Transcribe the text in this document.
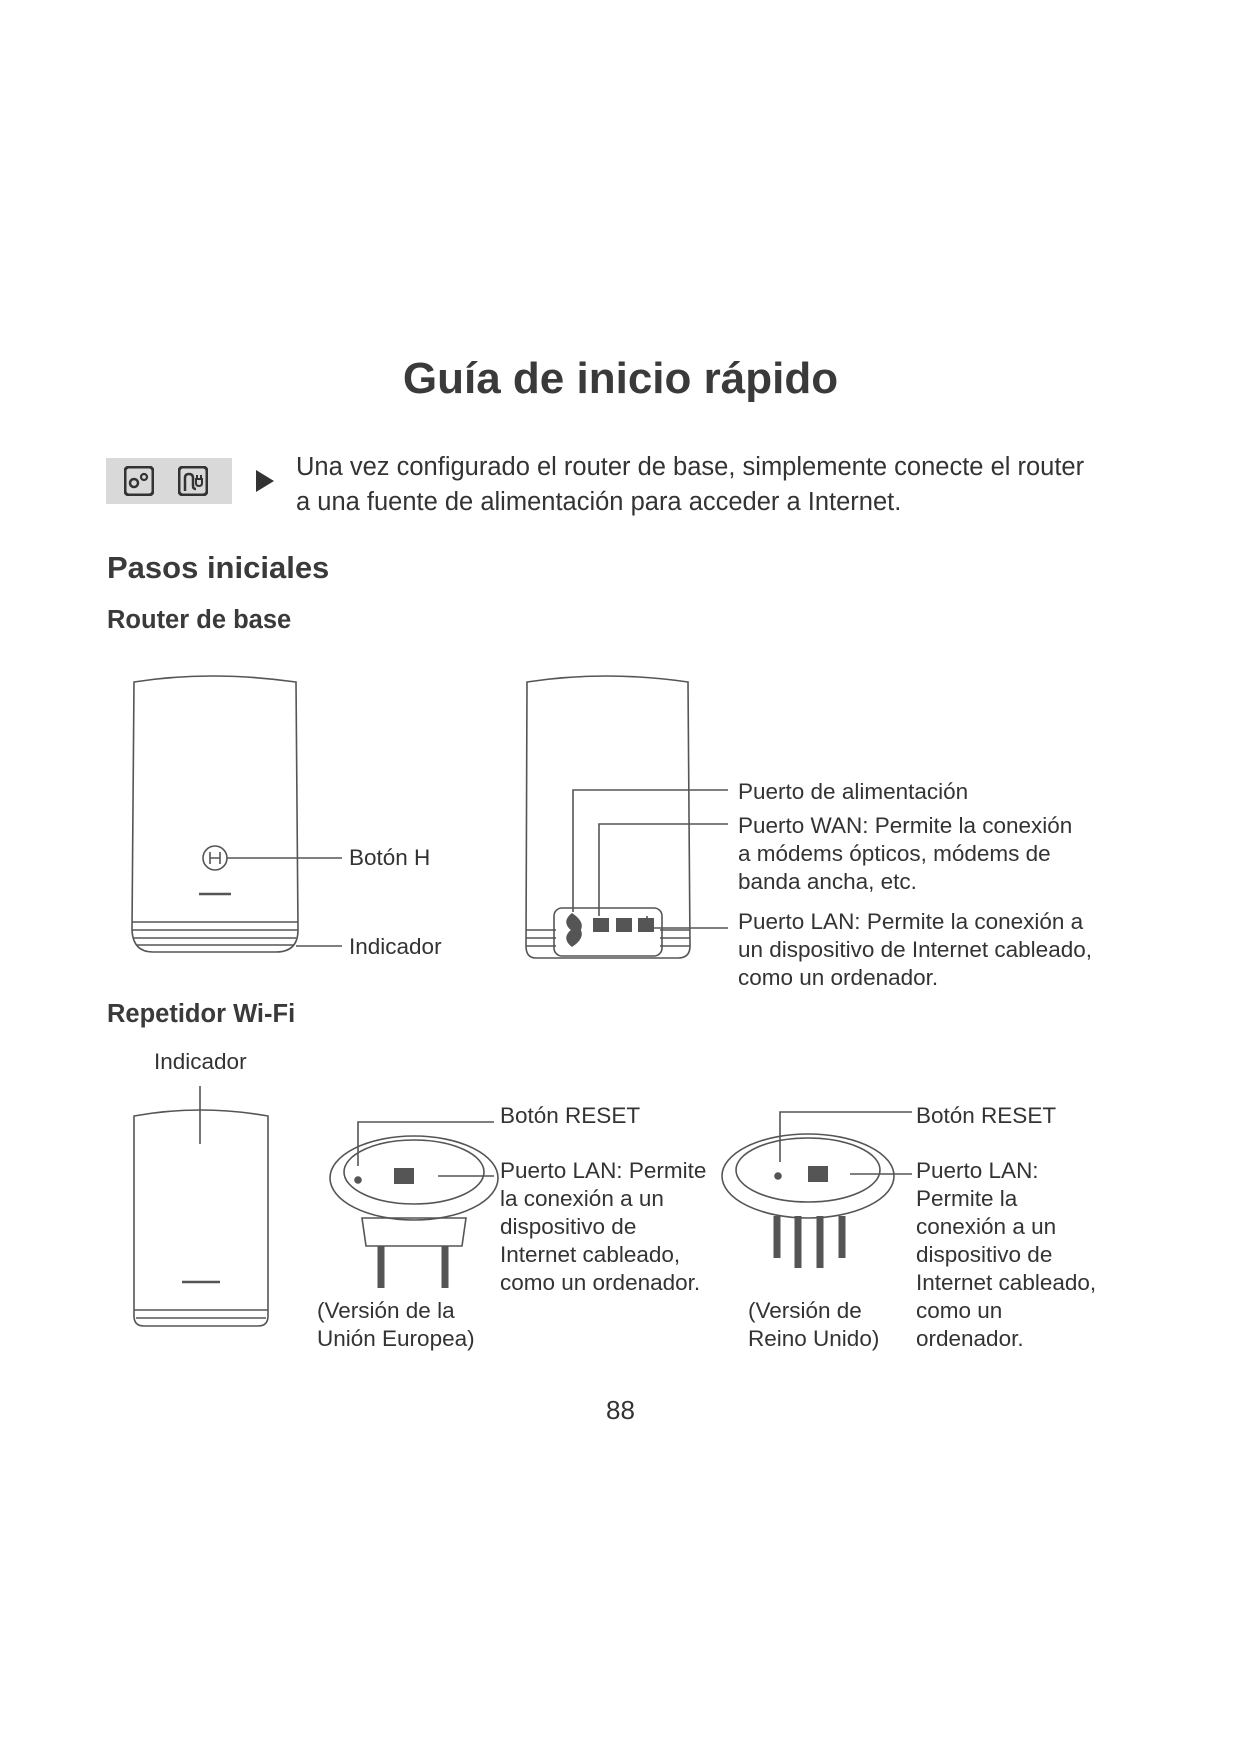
Guía de inicio rápido
Una vez configurado el router de base, simplemente conecte el router
a una fuente de alimentación para acceder a Internet.
Pasos iniciales
Router de base
Repetidor Wi-Fi
Botón H
Indicador
Puerto de alimentación
Puerto WAN: Permite la conexión
a módems ópticos, módems de
banda ancha, etc.
Puerto LAN: Permite la conexión a
un dispositivo de Internet cableado,
como un ordenador.
Indicador
Botón RESET
Puerto LAN: Permite
la conexión a un
dispositivo de
Internet cableado,
como un ordenador.
(Versión de la
Unión Europea)
Botón RESET
Puerto LAN:
Permite la
conexión a un
dispositivo de
Internet cableado,
como un
ordenador.
(Versión de
Reino Unido)
88
